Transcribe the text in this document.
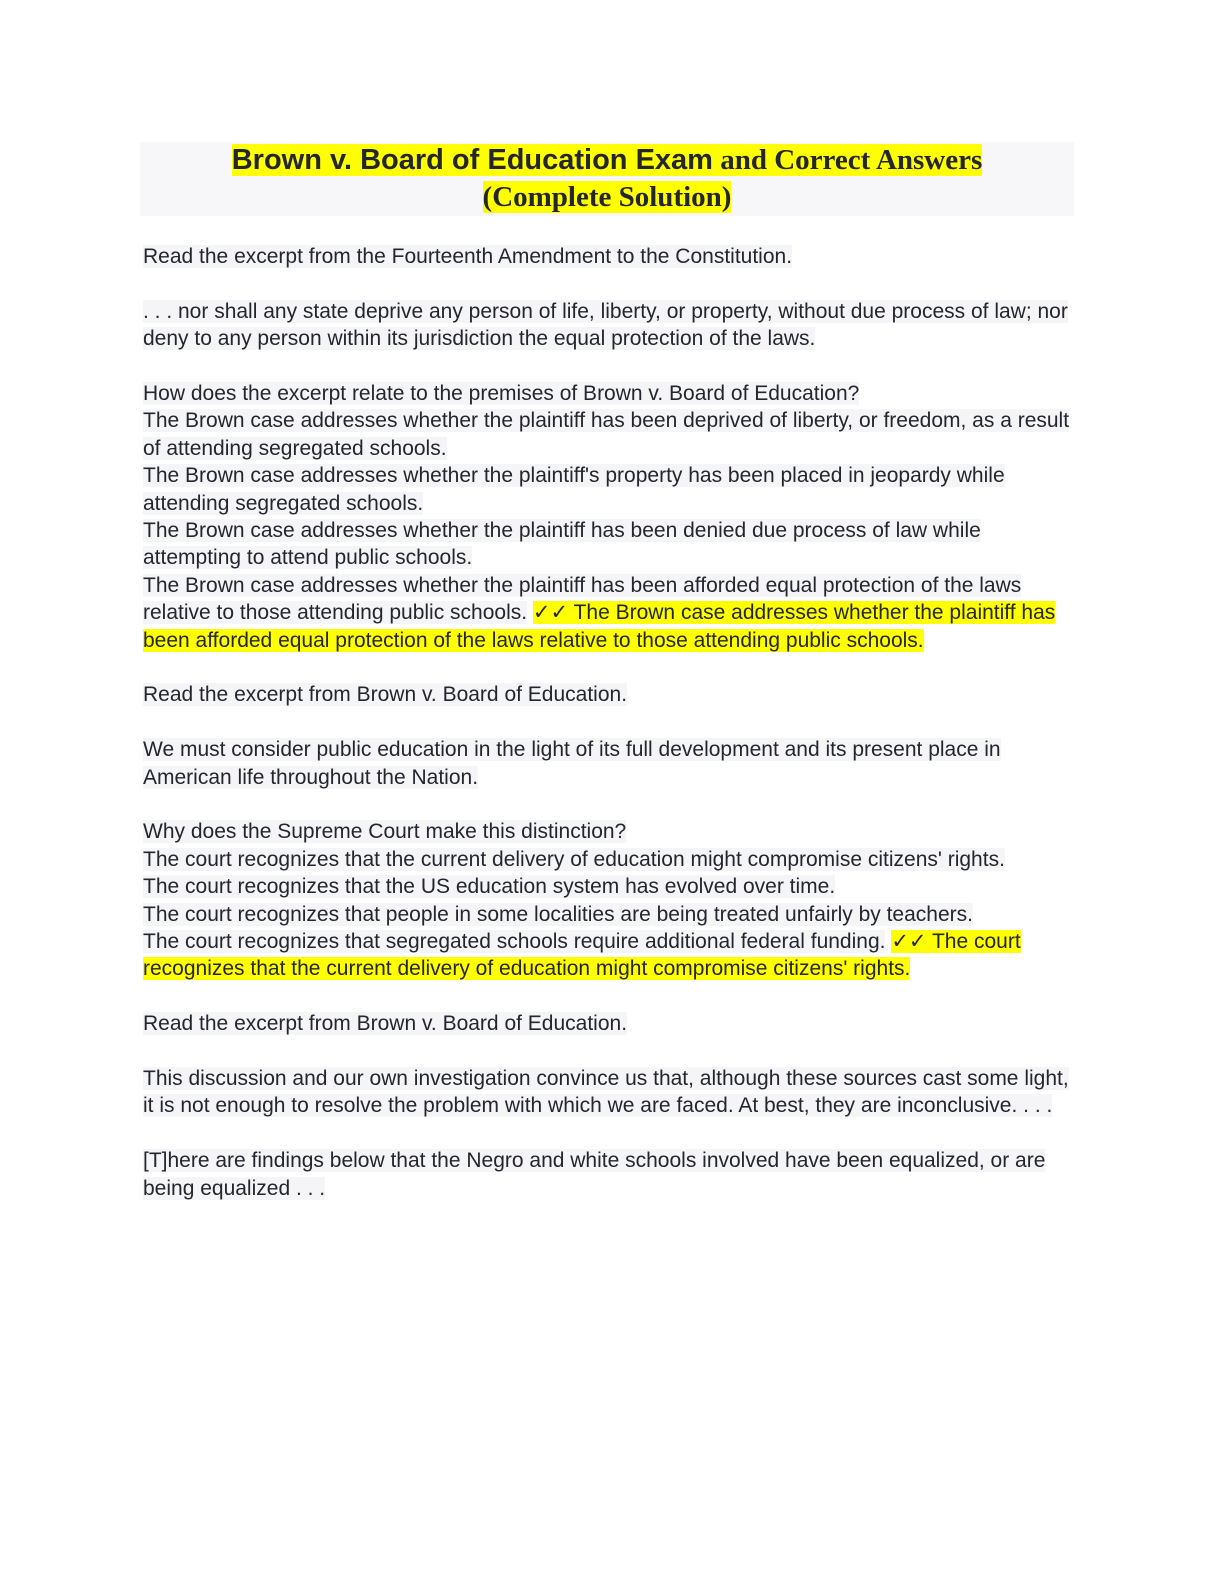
Brown v. Board of Education Exam and Correct Answers
(Complete Solution)

Read the excerpt from the Fourteenth Amendment to the Constitution.

. . . nor shall any state deprive any person of life, liberty, or property, without due process of law; nor deny to any person within its jurisdiction the equal protection of the laws.

How does the excerpt relate to the premises of Brown v. Board of Education?
The Brown case addresses whether the plaintiff has been deprived of liberty, or freedom, as a result of attending segregated schools.
The Brown case addresses whether the plaintiff's property has been placed in jeopardy while attending segregated schools.
The Brown case addresses whether the plaintiff has been denied due process of law while attempting to attend public schools.
The Brown case addresses whether the plaintiff has been afforded equal protection of the laws relative to those attending public schools. ✓✓ The Brown case addresses whether the plaintiff has been afforded equal protection of the laws relative to those attending public schools.

Read the excerpt from Brown v. Board of Education.

We must consider public education in the light of its full development and its present place in American life throughout the Nation.

Why does the Supreme Court make this distinction?
The court recognizes that the current delivery of education might compromise citizens' rights.
The court recognizes that the US education system has evolved over time.
The court recognizes that people in some localities are being treated unfairly by teachers.
The court recognizes that segregated schools require additional federal funding. ✓✓ The court recognizes that the current delivery of education might compromise citizens' rights.

Read the excerpt from Brown v. Board of Education.

This discussion and our own investigation convince us that, although these sources cast some light, it is not enough to resolve the problem with which we are faced. At best, they are inconclusive. . . .

[T]here are findings below that the Negro and white schools involved have been equalized, or are being equalized . . .
